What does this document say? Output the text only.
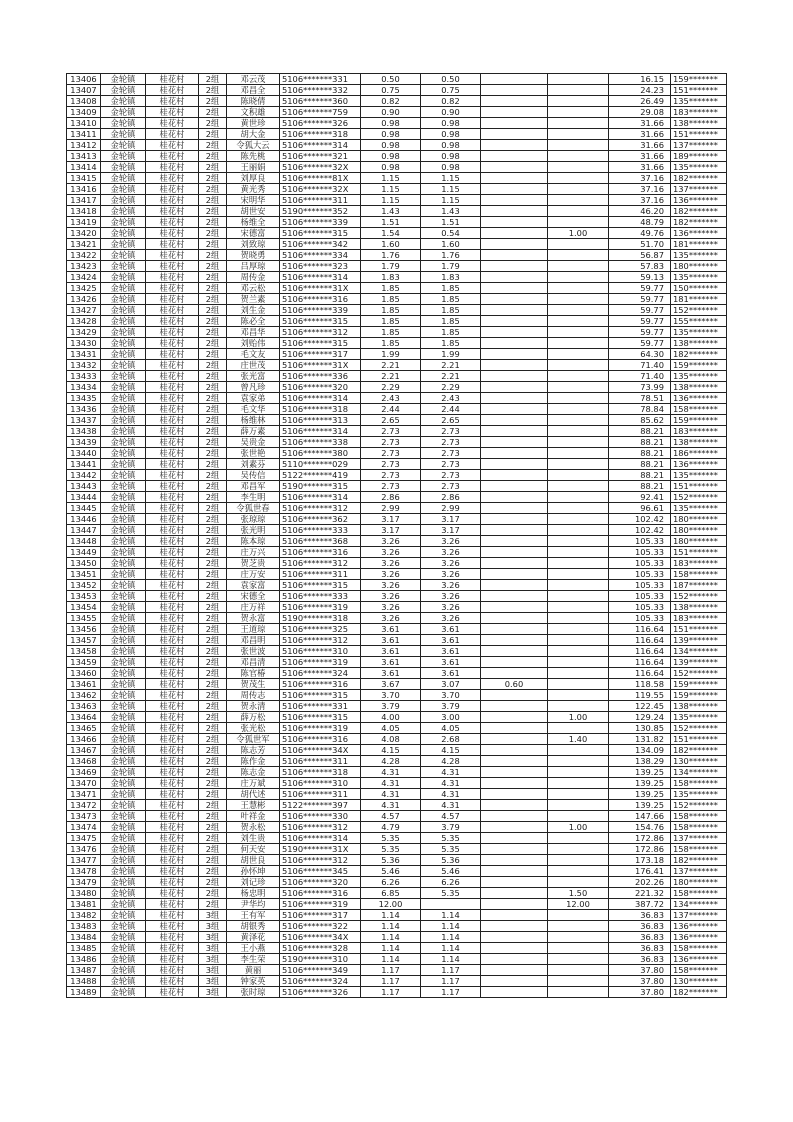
13406	金轮镇	桂花村	2组	邓云茂	5106*******331	0.50	0.50			16.15	159*******
13407	金轮镇	桂花村	2组	邓昌全	5106*******332	0.75	0.75			24.23	151*******
13408	金轮镇	桂花村	2组	陈晓倩	5106*******360	0.82	0.82			26.49	135*******
13409	金轮镇	桂花村	2组	文积雄	5106*******759	0.90	0.90			29.08	183*******
13410	金轮镇	桂花村	2组	黄世珍	5106*******326	0.98	0.98			31.66	138*******
13411	金轮镇	桂花村	2组	胡大金	5106*******318	0.98	0.98			31.66	151*******
13412	金轮镇	桂花村	2组	令狐大云	5106*******314	0.98	0.98			31.66	137*******
13413	金轮镇	桂花村	2组	陈先桃	5106*******321	0.98	0.98			31.66	189*******
13414	金轮镇	桂花村	2组	王丽娟	5106*******32X	0.98	0.98			31.66	135*******
13415	金轮镇	桂花村	2组	刘厚良	5106*******81X	1.15	1.15			37.16	182*******
13416	金轮镇	桂花村	2组	黄光秀	5106*******32X	1.15	1.15			37.16	137*******
13417	金轮镇	桂花村	2组	宋明华	5106*******311	1.15	1.15			37.16	136*******
13418	金轮镇	桂花村	2组	胡世安	5190*******352	1.43	1.43			46.20	182*******
13419	金轮镇	桂花村	2组	杨维全	5106*******339	1.51	1.51			48.79	182*******
13420	金轮镇	桂花村	2组	宋德富	5106*******315	1.54	0.54		1.00	49.76	136*******
13421	金轮镇	桂花村	2组	刘致琼	5106*******342	1.60	1.60			51.70	181*******
13422	金轮镇	桂花村	2组	贺晓勇	5106*******334	1.76	1.76			56.87	135*******
13423	金轮镇	桂花村	2组	吕厚琼	5106*******323	1.79	1.79			57.83	180*******
13424	金轮镇	桂花村	2组	周传金	5106*******314	1.83	1.83			59.13	135*******
13425	金轮镇	桂花村	2组	邓云松	5106*******31X	1.85	1.85			59.77	150*******
13426	金轮镇	桂花村	2组	贺兰素	5106*******316	1.85	1.85			59.77	181*******
13427	金轮镇	桂花村	2组	刘生金	5106*******339	1.85	1.85			59.77	152*******
13428	金轮镇	桂花村	2组	陈必全	5106*******315	1.85	1.85			59.77	155*******
13429	金轮镇	桂花村	2组	邓昌华	5106*******312	1.85	1.85			59.77	135*******
13430	金轮镇	桂花村	2组	刘贻伟	5106*******315	1.85	1.85			59.77	138*******
13431	金轮镇	桂花村	2组	毛文友	5106*******317	1.99	1.99			64.30	182*******
13432	金轮镇	桂花村	2组	庄世茂	5106*******31X	2.21	2.21			71.40	159*******
13433	金轮镇	桂花村	2组	张光富	5106*******336	2.21	2.21			71.40	135*******
13434	金轮镇	桂花村	2组	曾凡珍	5106*******320	2.29	2.29			73.99	138*******
13435	金轮镇	桂花村	2组	袁家弟	5106*******314	2.43	2.43			78.51	136*******
13436	金轮镇	桂花村	2组	毛文华	5106*******318	2.44	2.44			78.84	158*******
13437	金轮镇	桂花村	2组	杨维林	5106*******313	2.65	2.65			85.62	159*******
13438	金轮镇	桂花村	2组	薛万素	5106*******314	2.73	2.73			88.21	183*******
13439	金轮镇	桂花村	2组	吴贵金	5106*******338	2.73	2.73			88.21	138*******
13440	金轮镇	桂花村	2组	张世艳	5106*******380	2.73	2.73			88.21	186*******
13441	金轮镇	桂花村	2组	刘素芬	5110*******029	2.73	2.73			88.21	136*******
13442	金轮镇	桂花村	2组	吴传信	5122*******419	2.73	2.73			88.21	135*******
13443	金轮镇	桂花村	2组	邓昌军	5190*******315	2.73	2.73			88.21	151*******
13444	金轮镇	桂花村	2组	李生明	5106*******314	2.86	2.86			92.41	152*******
13445	金轮镇	桂花村	2组	令狐世春	5106*******312	2.99	2.99			96.61	135*******
13446	金轮镇	桂花村	2组	张琼琼	5106*******362	3.17	3.17			102.42	180*******
13447	金轮镇	桂花村	2组	张光明	5106*******333	3.17	3.17			102.42	180*******
13448	金轮镇	桂花村	2组	陈本琼	5106*******368	3.26	3.26			105.33	180*******
13449	金轮镇	桂花村	2组	庄万兴	5106*******316	3.26	3.26			105.33	151*******
13450	金轮镇	桂花村	2组	贺芝贵	5106*******312	3.26	3.26			105.33	183*******
13451	金轮镇	桂花村	2组	庄万安	5106*******311	3.26	3.26			105.33	158*******
13452	金轮镇	桂花村	2组	袁家富	5106*******315	3.26	3.26			105.33	187*******
13453	金轮镇	桂花村	2组	宋德全	5106*******333	3.26	3.26			105.33	152*******
13454	金轮镇	桂花村	2组	庄万祥	5106*******319	3.26	3.26			105.33	138*******
13455	金轮镇	桂花村	2组	贺永富	5190*******318	3.26	3.26			105.33	183*******
13456	金轮镇	桂花村	2组	王道琼	5106*******325	3.61	3.61			116.64	151*******
13457	金轮镇	桂花村	2组	邓昌明	5106*******312	3.61	3.61			116.64	139*******
13458	金轮镇	桂花村	2组	张世波	5106*******310	3.61	3.61			116.64	134*******
13459	金轮镇	桂花村	2组	邓昌清	5106*******319	3.61	3.61			116.64	139*******
13460	金轮镇	桂花村	2组	陈官椿	5106*******324	3.61	3.61			116.64	152*******
13461	金轮镇	桂花村	2组	贺茂生	5106*******316	3.67	3.07	0.60		118.58	159*******
13462	金轮镇	桂花村	2组	周传志	5106*******315	3.70	3.70			119.55	159*******
13463	金轮镇	桂花村	2组	贺永清	5106*******331	3.79	3.79			122.45	138*******
13464	金轮镇	桂花村	2组	薛万松	5106*******315	4.00	3.00		1.00	129.24	135*******
13465	金轮镇	桂花村	2组	张光松	5106*******319	4.05	4.05			130.85	152*******
13466	金轮镇	桂花村	2组	令狐世军	5106*******316	4.08	2.68		1.40	131.82	151*******
13467	金轮镇	桂花村	2组	陈志芳	5106*******34X	4.15	4.15			134.09	182*******
13468	金轮镇	桂花村	2组	陈作金	5106*******311	4.28	4.28			138.29	130*******
13469	金轮镇	桂花村	2组	陈志金	5106*******318	4.31	4.31			139.25	134*******
13470	金轮镇	桂花村	2组	庄万斌	5106*******310	4.31	4.31			139.25	158*******
13471	金轮镇	桂花村	2组	胡代述	5106*******311	4.31	4.31			139.25	135*******
13472	金轮镇	桂花村	2组	王慧彬	5122*******397	4.31	4.31			139.25	152*******
13473	金轮镇	桂花村	2组	叶祥金	5106*******330	4.57	4.57			147.66	158*******
13474	金轮镇	桂花村	2组	贺永松	5106*******312	4.79	3.79		1.00	154.76	158*******
13475	金轮镇	桂花村	2组	刘生贵	5106*******314	5.35	5.35			172.86	137*******
13476	金轮镇	桂花村	2组	何天安	5190*******31X	5.35	5.35			172.86	158*******
13477	金轮镇	桂花村	2组	胡世良	5106*******312	5.36	5.36			173.18	182*******
13478	金轮镇	桂花村	2组	孙怀坤	5106*******345	5.46	5.46			176.41	137*******
13479	金轮镇	桂花村	2组	刘记珍	5106*******320	6.26	6.26			202.26	180*******
13480	金轮镇	桂花村	2组	杨忠明	5106*******316	6.85	5.35		1.50	221.32	158*******
13481	金轮镇	桂花村	2组	尹华均	5106*******319	12.00			12.00	387.72	134*******
13482	金轮镇	桂花村	3组	王有军	5106*******317	1.14	1.14			36.83	137*******
13483	金轮镇	桂花村	3组	胡银秀	5106*******322	1.14	1.14			36.83	136*******
13484	金轮镇	桂花村	3组	黄泽花	5106*******34X	1.14	1.14			36.83	136*******
13485	金轮镇	桂花村	3组	王小燕	5106*******328	1.14	1.14			36.83	158*******
13486	金轮镇	桂花村	3组	李生荣	5190*******310	1.14	1.14			36.83	136*******
13487	金轮镇	桂花村	3组	黄丽	5106*******349	1.17	1.17			37.80	158*******
13488	金轮镇	桂花村	3组	钟家英	5106*******324	1.17	1.17			37.80	130*******
13489	金轮镇	桂花村	3组	张时琼	5106*******326	1.17	1.17			37.80	182*******
